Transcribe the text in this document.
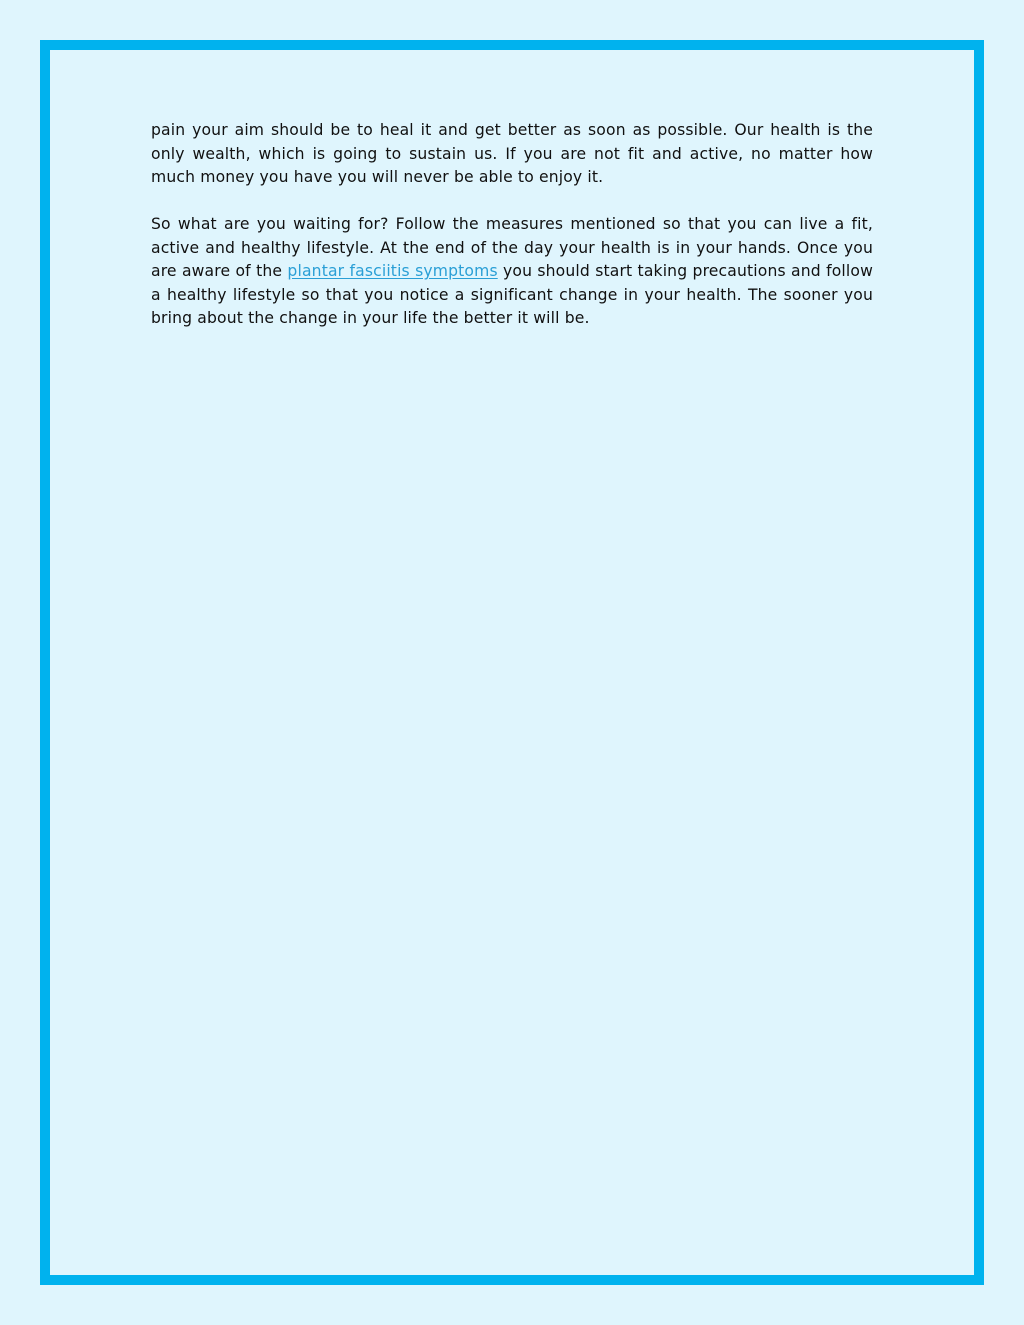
pain your aim should be to heal it and get better as soon as possible. Our health is the only wealth, which is going to sustain us. If you are not fit and active, no matter how much money you have you will never be able to enjoy it.

So what are you waiting for? Follow the measures mentioned so that you can live a fit, active and healthy lifestyle. At the end of the day your health is in your hands. Once you are aware of the plantar fasciitis symptoms you should start taking precautions and follow a healthy lifestyle so that you notice a significant change in your health. The sooner you bring about the change in your life the better it will be.
